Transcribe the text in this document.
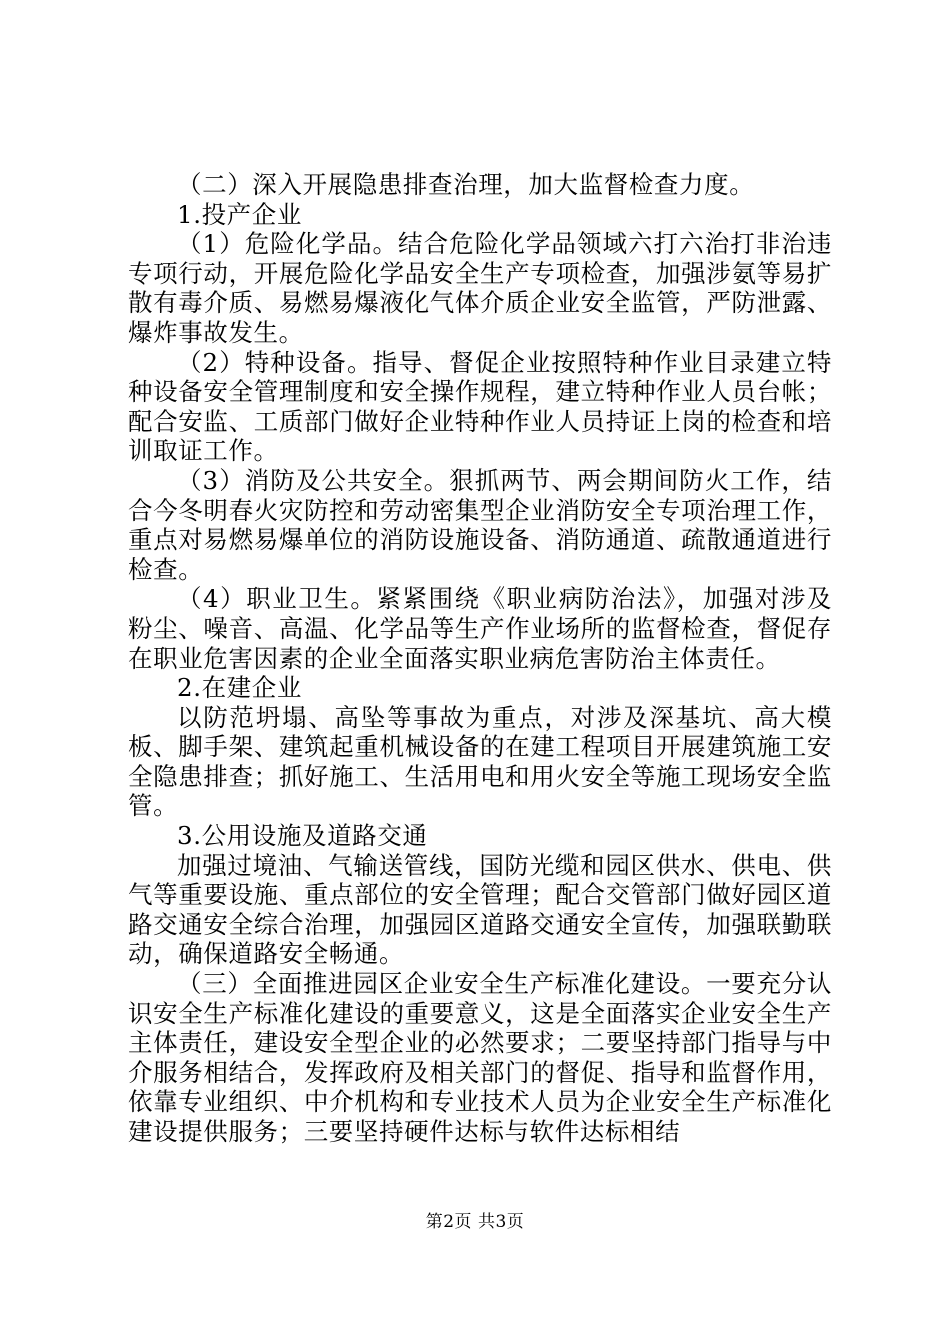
（二）深入开展隐患排查治理，加大监督检查力度。

1.投产企业

（1）危险化学品。结合危险化学品领域六打六治打非治违专项行动，开展危险化学品安全生产专项检查，加强涉氨等易扩散有毒介质、易燃易爆液化气体介质企业安全监管，严防泄露、爆炸事故发生。

（2）特种设备。指导、督促企业按照特种作业目录建立特种设备安全管理制度和安全操作规程，建立特种作业人员台帐；配合安监、工质部门做好企业特种作业人员持证上岗的检查和培训取证工作。

（3）消防及公共安全。狠抓两节、两会期间防火工作，结合今冬明春火灾防控和劳动密集型企业消防安全专项治理工作，重点对易燃易爆单位的消防设施设备、消防通道、疏散通道进行检查。

（4）职业卫生。紧紧围绕《职业病防治法》，加强对涉及粉尘、噪音、高温、化学品等生产作业场所的监督检查，督促存在职业危害因素的企业全面落实职业病危害防治主体责任。

2.在建企业

以防范坍塌、高坠等事故为重点，对涉及深基坑、高大模板、脚手架、建筑起重机械设备的在建工程项目开展建筑施工安全隐患排查；抓好施工、生活用电和用火安全等施工现场安全监管。

3.公用设施及道路交通

加强过境油、气输送管线，国防光缆和园区供水、供电、供气等重要设施、重点部位的安全管理；配合交管部门做好园区道路交通安全综合治理，加强园区道路交通安全宣传，加强联勤联动，确保道路安全畅通。

（三）全面推进园区企业安全生产标准化建设。一要充分认识安全生产标准化建设的重要意义，这是全面落实企业安全生产主体责任，建设安全型企业的必然要求；二要坚持部门指导与中介服务相结合，发挥政府及相关部门的督促、指导和监督作用，依靠专业组织、中介机构和专业技术人员为企业安全生产标准化建设提供服务；三要坚持硬件达标与软件达标相结

第2页 共3页
